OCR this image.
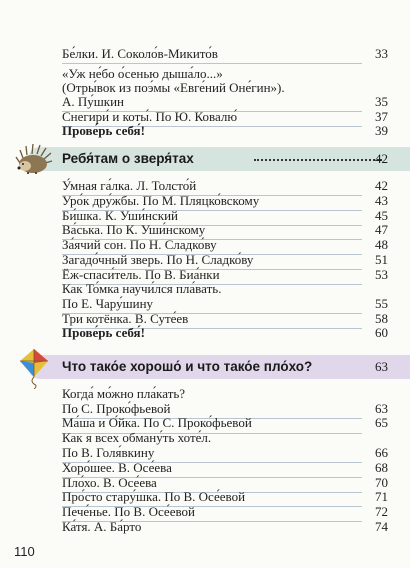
Бе́лки. И. Соколо́в-Микито́в	33
«Уж не́бо о́сенью дыша́ло...»
(Отры́вок из поэ́мы «Евге́ний Оне́гин»).
А. Пу́шкин	35
Снегири́ и коты́. По Ю. Ковалю́	37
Прове́рь себя́!	39
Ребя́там о зверя́тах	42
У́мная га́лка. Л. Толсто́й	42
Уро́к дру́жбы. По М. Пляцко́вскому	43
Би́шка. К. Уши́нский	45
Ва́ська. По К. Уши́нскому	47
За́ячий сон. По Н. Сладко́ву	48
Загадо́чный зверь. По Н. Сладко́ву	51
Ёж-спаси́тель. По В. Биа́нки	53
Как То́мка научи́лся пла́вать.
По Е. Чару́шину	55
Три котёнка. В. Суте́ев	58
Прове́рь себя́!	60
Что тако́е хорошо́ и что тако́е пло́хо?	63
Когда́ мо́жно пла́кать?
По С. Проко́фьевой	63
Ма́ша и О́йка. По С. Проко́фьевой	65
Как я всех обману́ть хоте́л.
По В. Голя́вкину	66
Хоро́шее. В. Осе́ева	68
Пло́хо. В. Осе́ева	70
Про́сто стару́шка. По В. Осе́евой	71
Пече́нье. По В. Осе́евой	72
Ка́тя. А. Ба́рто	74
110
